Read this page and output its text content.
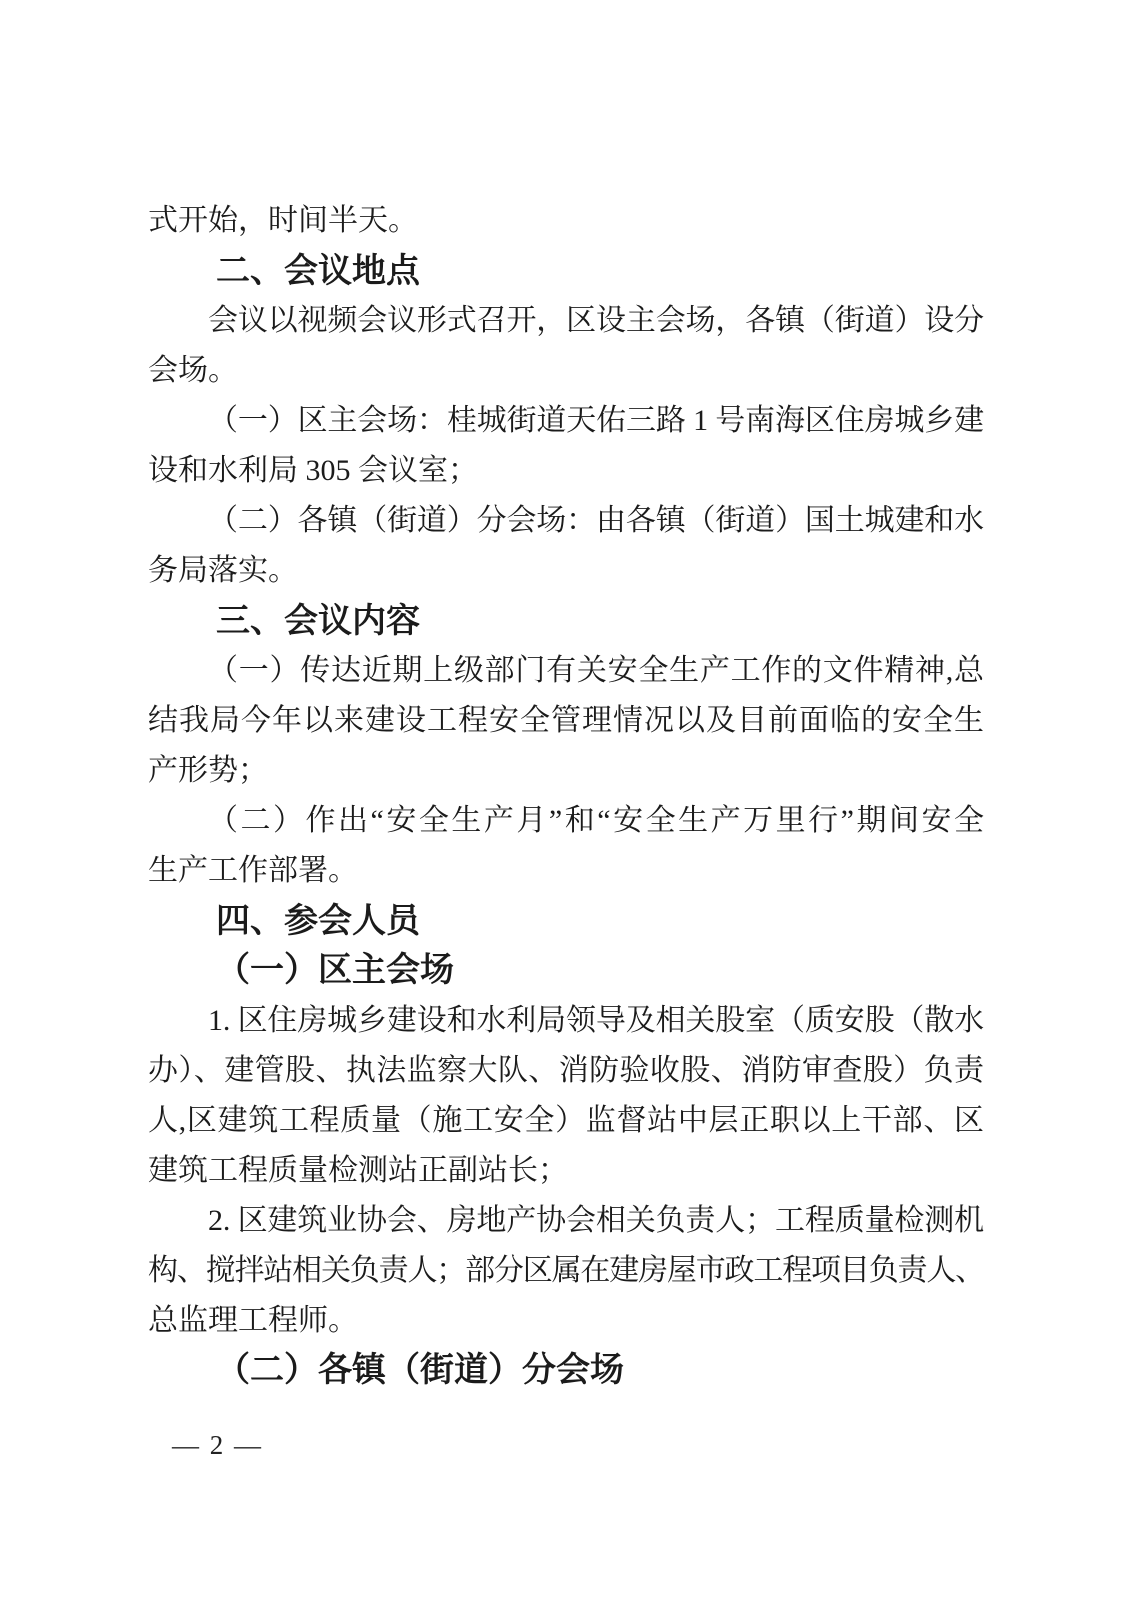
式开始，时间半天。
二、会议地点
会议以视频会议形式召开，区设主会场，各镇（街道）设分
会场。
（一）区主会场：桂城街道天佑三路 1 号南海区住房城乡建
设和水利局 305 会议室；
（二）各镇（街道）分会场：由各镇（街道）国土城建和水
务局落实。
三、会议内容
（一）传达近期上级部门有关安全生产工作的文件精神,总
结我局今年以来建设工程安全管理情况以及目前面临的安全生
产形势；
（二）作出“安全生产月”和“安全生产万里行”期间安全
生产工作部署。
四、参会人员
（一）区主会场
1. 区住房城乡建设和水利局领导及相关股室（质安股（散水
办）、建管股、执法监察大队、消防验收股、消防审查股）负责
人,区建筑工程质量（施工安全）监督站中层正职以上干部、区
建筑工程质量检测站正副站长；
2. 区建筑业协会、房地产协会相关负责人；工程质量检测机
构、搅拌站相关负责人；部分区属在建房屋市政工程项目负责人、
总监理工程师。
（二）各镇（街道）分会场
— 2 —
